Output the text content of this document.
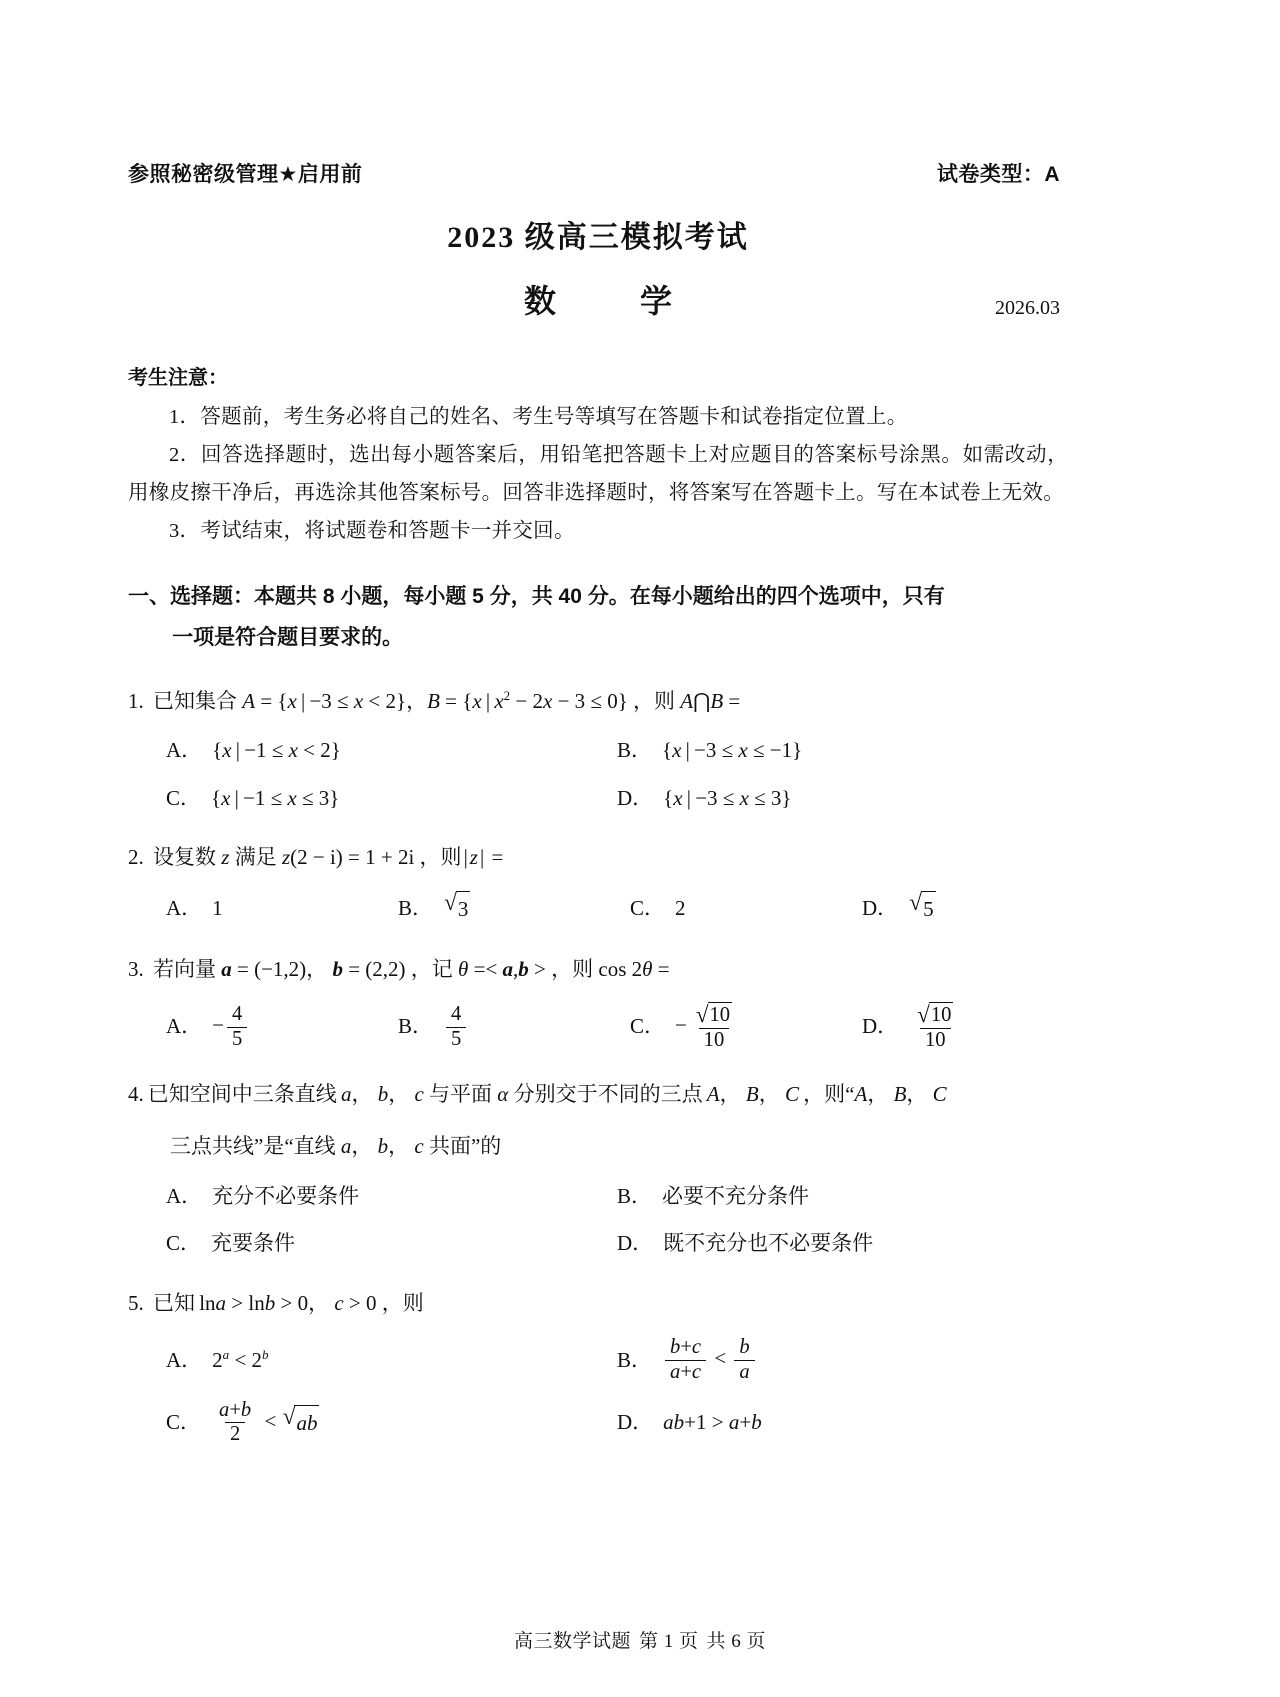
参照秘密级管理★启用前	试卷类型：A
2023 级高三模拟考试
数　学	2026.03
考生注意：
1．答题前，考生务必将自己的姓名、考生号等填写在答题卡和试卷指定位置上。
2．回答选择题时，选出每小题答案后，用铅笔把答题卡上对应题目的答案标号涂黑。如需改动，用橡皮擦干净后，再选涂其他答案标号。回答非选择题时，将答案写在答题卡上。写在本试卷上无效。
3．考试结束，将试题卷和答题卡一并交回。
一、选择题：本题共 8 小题，每小题 5 分，共 40 分。在每小题给出的四个选项中，只有
一项是符合题目要求的。
1. 已知集合 A = {x | −3 ≤ x < 2}，B = {x | $x^2 - 2x - 3 \le 0$} ，则 A⋂B =
A． {x | −1 ≤ x < 2}	B． {x | −3 ≤ x ≤ −1}
C． {x | −1 ≤ x ≤ 3}	D． {x | −3 ≤ x ≤ 3}
2. 设复数 z 满足 z(2 − i) = 1 + 2i ，则|z| =
A． 1	B． √ 3	C． 2	D． √ 5
3. 若向量 a = (−1,2)， b = (2,2) ，记 θ =< a,b > ，则 cos 2θ =
A． − $\frac{4}{5}$	B． $\frac{4}{5}$	C． − $\frac{√ 10}{10}$	D． $\frac{√ 10}{10}$
4. 已知空间中三条直线 a， b， c 与平面 α 分别交于不同的三点 A， B， C ，则“A， B， C
三点共线”是“直线 a， b， c 共面”的
A． 充分不必要条件	B． 必要不充分条件
C． 充要条件	D． 既不充分也不必要条件
5. 已知 lna > lnb > 0， c > 0 ，则
A． $2^a < 2^b$	B． $\frac{b+c}{a+c} < \frac{b}{a}$
C． $\frac{a+b}{2}$ < √ ab	D． ab+1 > a+b
高三数学试题 第 1 页 共 6 页
